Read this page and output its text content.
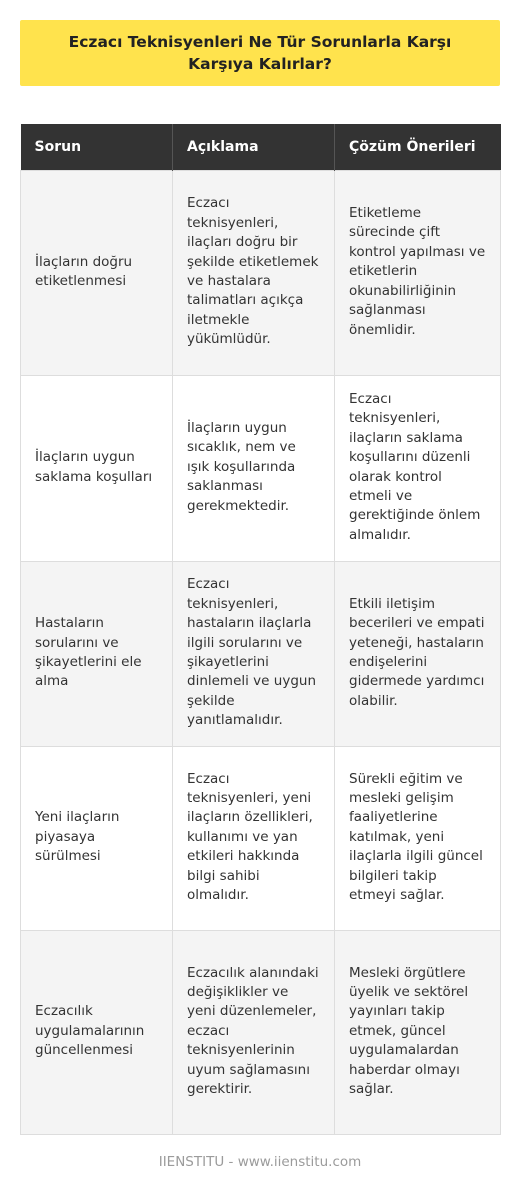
Eczacı Teknisyenleri Ne Tür Sorunlarla Karşı Karşıya Kalırlar?
Sorun	Açıklama	Çözüm Önerileri
İlaçların doğru etiketlenmesi	Eczacı teknisyenleri, ilaçları doğru bir şekilde etiketlemek ve hastalara talimatları açıkça iletmekle yükümlüdür.	Etiketleme sürecinde çift kontrol yapılması ve etiketlerin okunabilirliğinin sağlanması önemlidir.
İlaçların uygun saklama koşulları	İlaçların uygun sıcaklık, nem ve ışık koşullarında saklanması gerekmektedir.	Eczacı teknisyenleri, ilaçların saklama koşullarını düzenli olarak kontrol etmeli ve gerektiğinde önlem almalıdır.
Hastaların sorularını ve şikayetlerini ele alma	Eczacı teknisyenleri, hastaların ilaçlarla ilgili sorularını ve şikayetlerini dinlemeli ve uygun şekilde yanıtlamalıdır.	Etkili iletişim becerileri ve empati yeteneği, hastaların endişelerini gidermede yardımcı olabilir.
Yeni ilaçların piyasaya sürülmesi	Eczacı teknisyenleri, yeni ilaçların özellikleri, kullanımı ve yan etkileri hakkında bilgi sahibi olmalıdır.	Sürekli eğitim ve mesleki gelişim faaliyetlerine katılmak, yeni ilaçlarla ilgili güncel bilgileri takip etmeyi sağlar.
Eczacılık uygulamalarının güncellenmesi	Eczacılık alanındaki değişiklikler ve yeni düzenlemeler, eczacı teknisyenlerinin uyum sağlamasını gerektirir.	Mesleki örgütlere üyelik ve sektörel yayınları takip etmek, güncel uygulamalardan haberdar olmayı sağlar.
IIENSTITU - www.iienstitu.com
